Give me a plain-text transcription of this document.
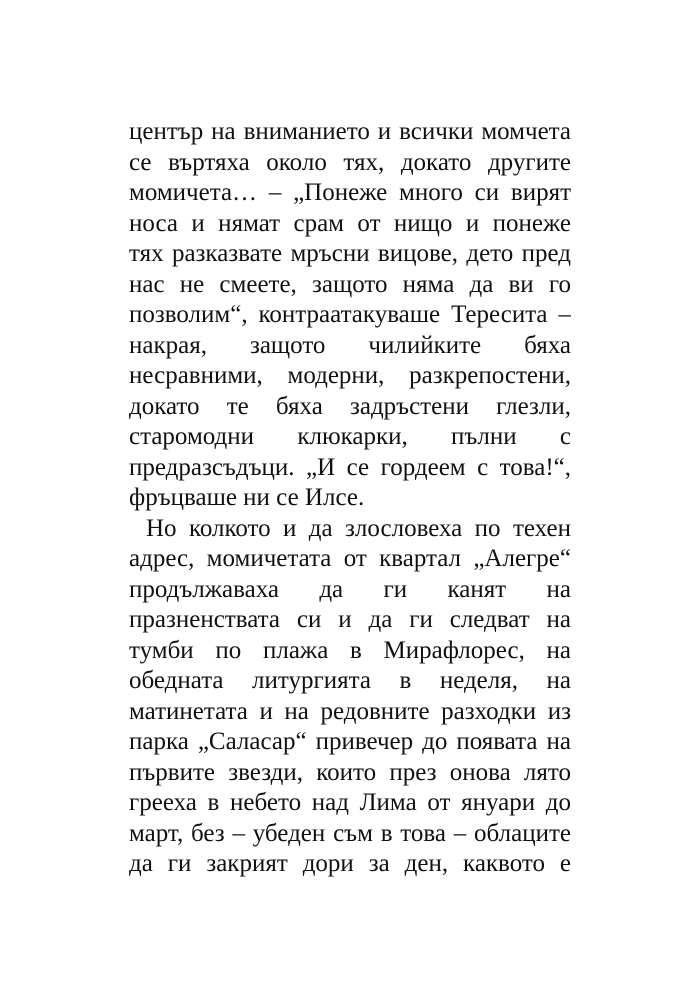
център на вниманието и всички момчета
се въртяха около тях, докато другите
момичета… – „Понеже много си вирят
носа и нямат срам от нищо и понеже
тях разказвате мръсни вицове, дето пред
нас не смеете, защото няма да ви го
позволим“, контраатакуваше Тересита –
накрая, защото чилийките бяха
несравними, модерни, разкрепостени,
докато те бяха задръстени глезли,
старомодни клюкарки, пълни с
предразсъдъци. „И се гордеем с това!“,
фръцваше ни се Илсе.
Но колкото и да злословеха по техен
адрес, момичетата от квартал „Алегре“
продължаваха да ги канят на
празненствата си и да ги следват на
тумби по плажа в Мирафлорес, на
обедната литургията в неделя, на
матинетата и на редовните разходки из
парка „Саласар“ привечер до появата на
първите звезди, които през онова лято
грееха в небето над Лима от януари до
март, без – убеден съм в това – облаците
да ги закрият дори за ден, каквото е
